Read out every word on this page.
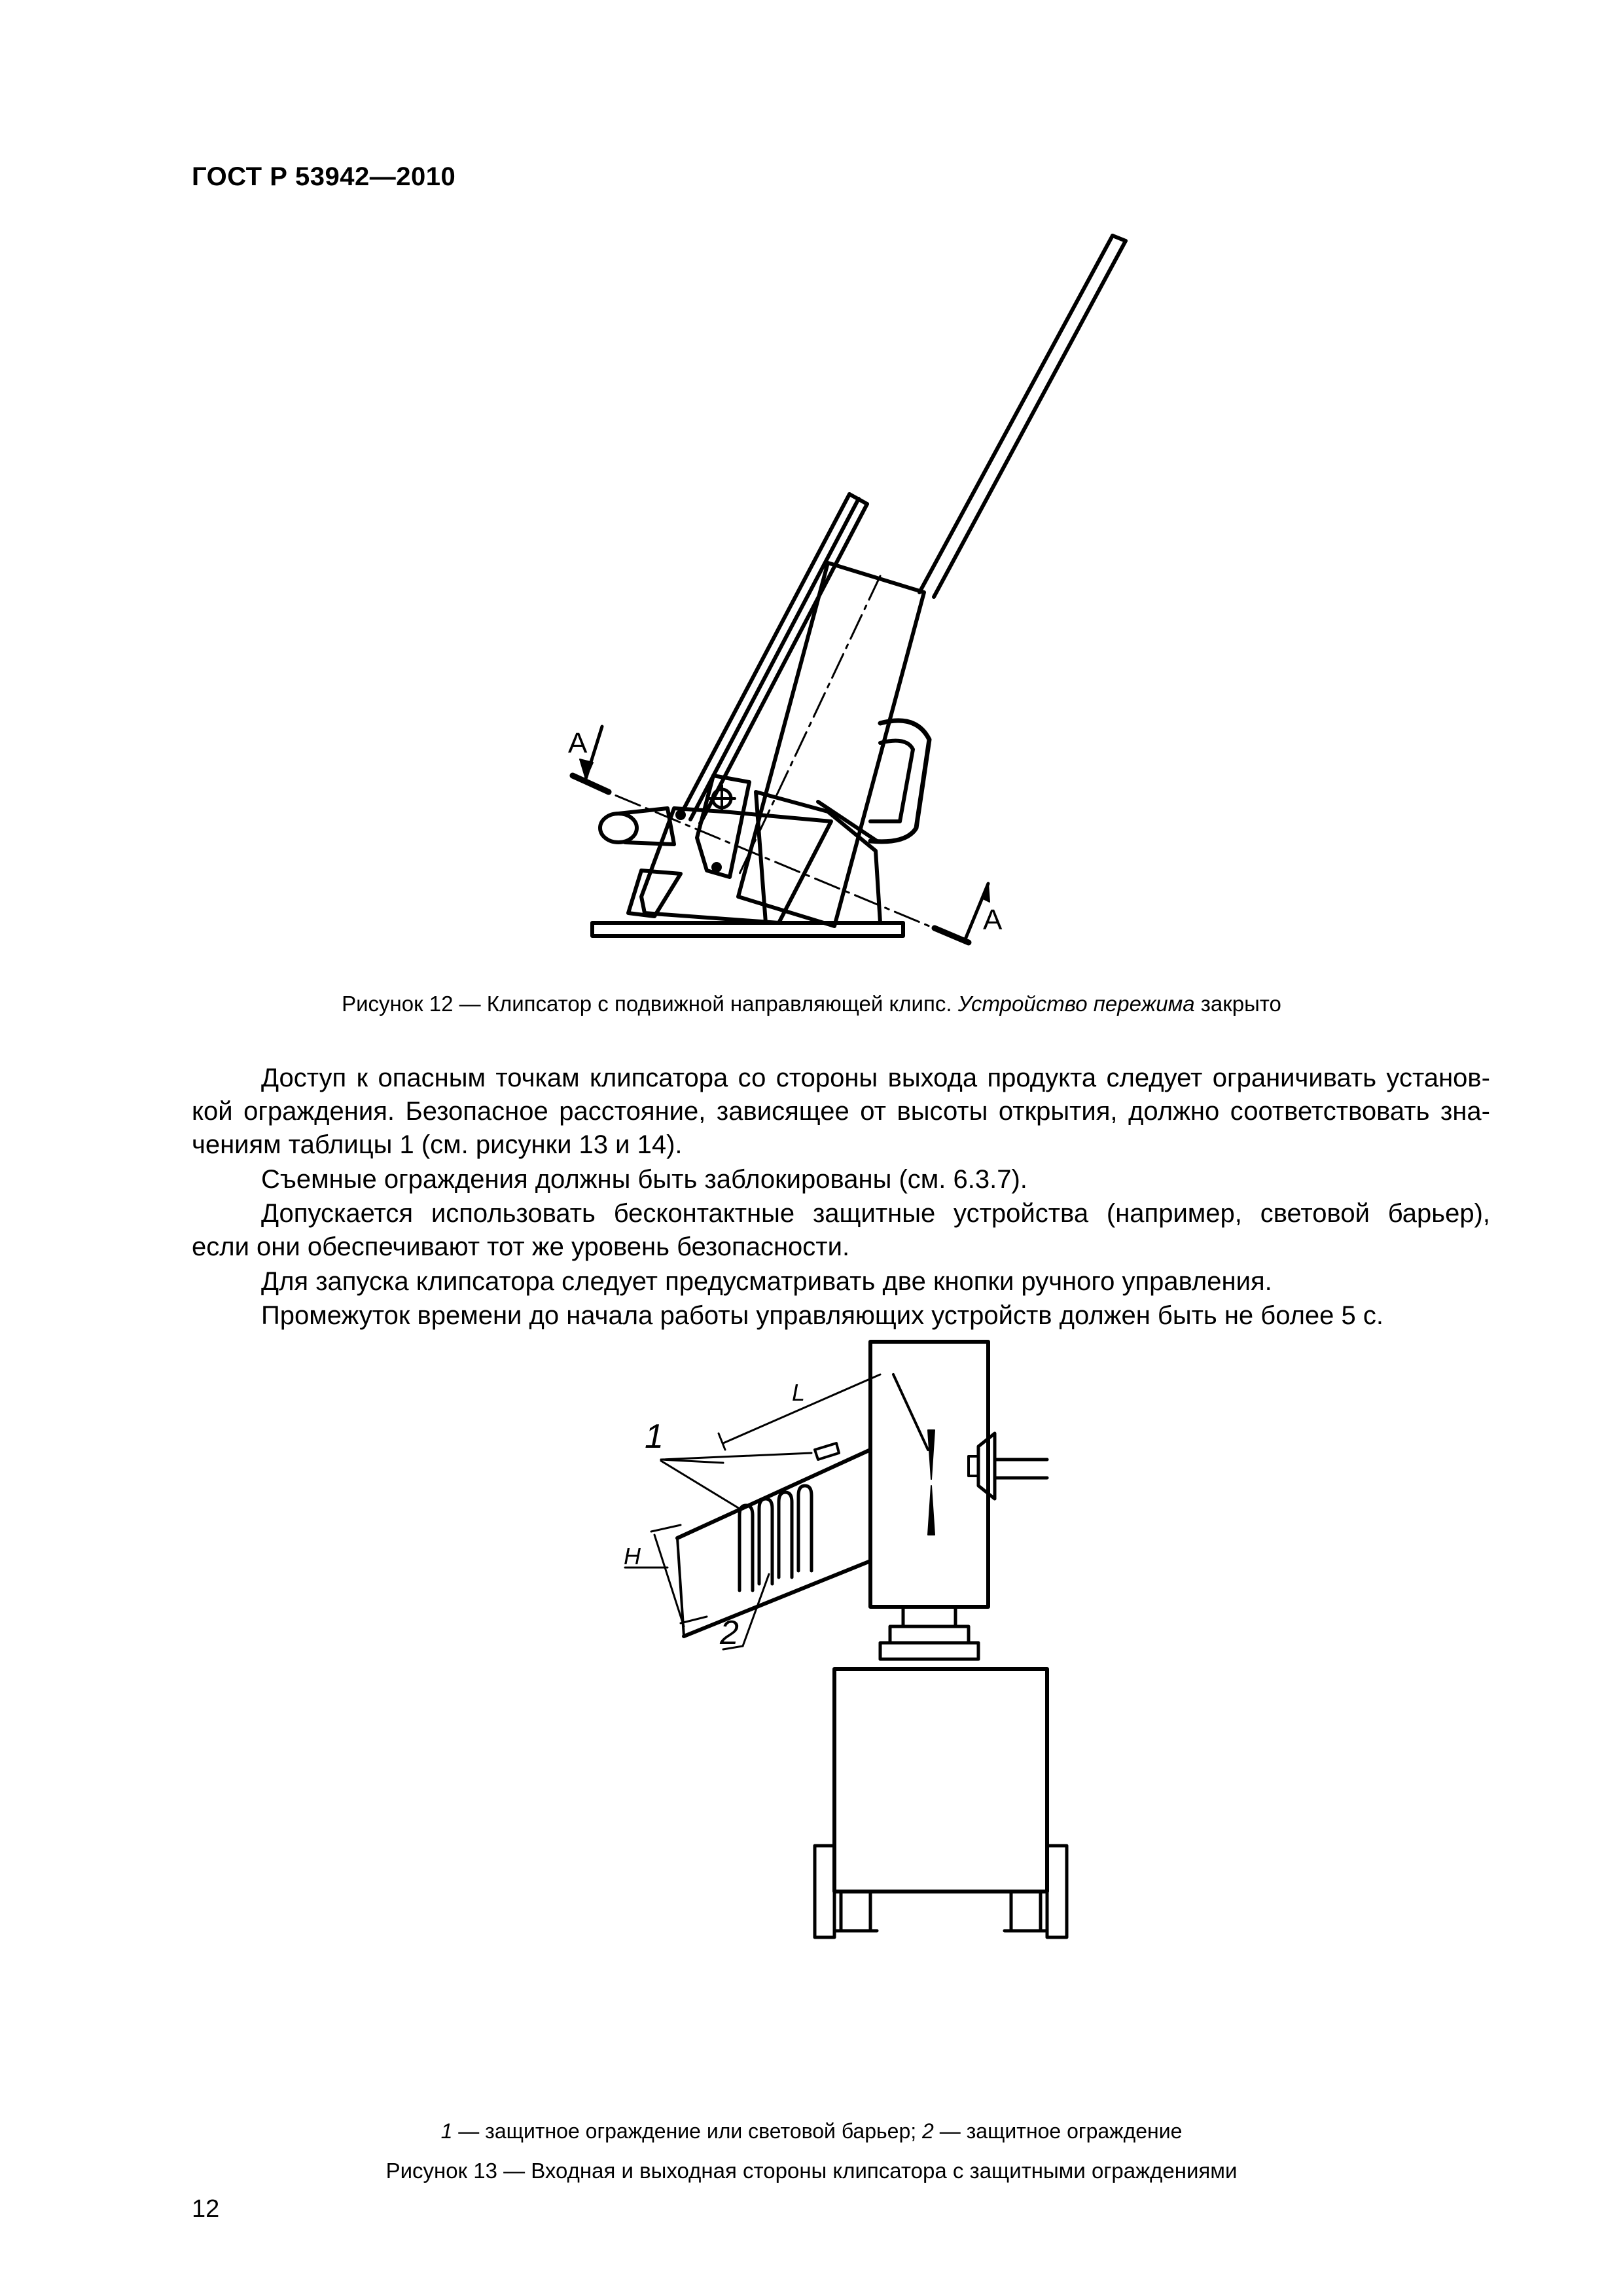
ГОСТ Р 53942—2010
А
А
Рисунок 12 — Клипсатор с подвижной направляющей клипс. Устройство пережима закрыто
Доступ к опасным точкам клипсатора со стороны выхода продукта следует ограничивать установ-
кой ограждения. Безопасное расстояние, зависящее от высоты открытия, должно соответствовать зна-
чениям таблицы 1 (см. рисунки 13 и 14).
Съемные ограждения должны быть заблокированы (см. 6.3.7).
Допускается использовать бесконтактные защитные устройства (например, световой барьер),
если они обеспечивают тот же уровень безопасности.
Для запуска клипсатора следует предусматривать две кнопки ручного управления.
Промежуток времени до начала работы управляющих устройств должен быть не более 5 с.
L
H
1
2
1 — защитное ограждение или световой барьер; 2 — защитное ограждение
Рисунок 13 — Входная и выходная стороны клипсатора с защитными ограждениями
12
